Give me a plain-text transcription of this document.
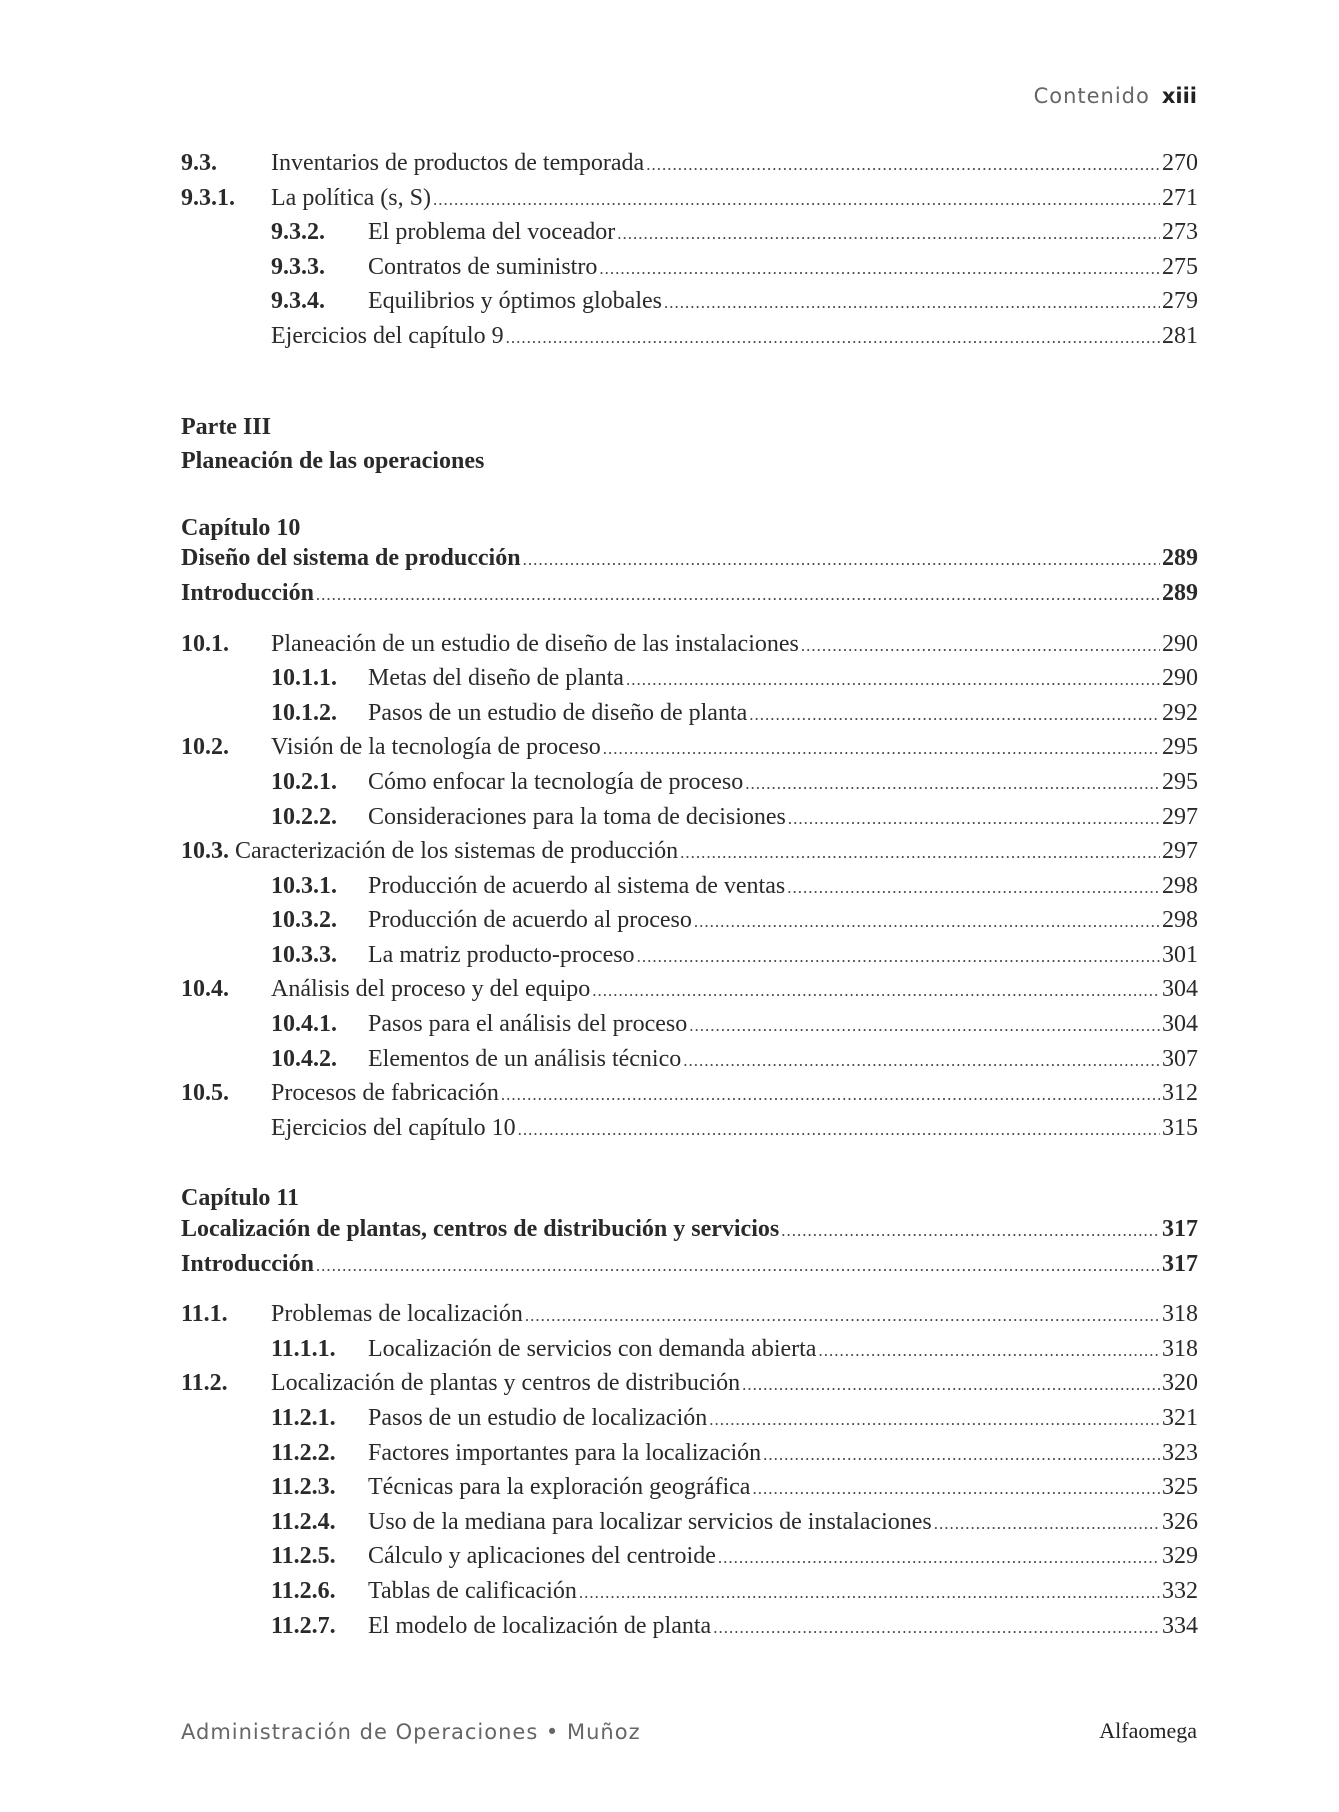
Contenido xiii
9.3.	Inventarios de productos de temporada .....	270
9.3.1.	La política (s, S) .....	271
9.3.2.	El problema del voceador .....	273
9.3.3.	Contratos de suministro .....	275
9.3.4.	Equilibrios y óptimos globales .....	279
Ejercicios del capítulo 9 .....	281
Parte III
Planeación de las operaciones
Capítulo 10
Diseño del sistema de producción .....	289
Introducción .....	289
10.1.	Planeación de un estudio de diseño de las instalaciones .....	290
10.1.1.	Metas del diseño de planta .....	290
10.1.2.	Pasos de un estudio de diseño de planta .....	292
10.2.	Visión de la tecnología de proceso .....	295
10.2.1.	Cómo enfocar la tecnología de proceso .....	295
10.2.2.	Consideraciones para la toma de decisiones .....	297
10.3. Caracterización de los sistemas de producción .....	297
10.3.1.	Producción de acuerdo al sistema de ventas .....	298
10.3.2.	Producción de acuerdo al proceso .....	298
10.3.3.	La matriz producto-proceso .....	301
10.4.	Análisis del proceso y del equipo .....	304
10.4.1.	Pasos para el análisis del proceso .....	304
10.4.2.	Elementos de un análisis técnico .....	307
10.5.	Procesos de fabricación .....	312
Ejercicios del capítulo 10 .....	315
Capítulo 11
Localización de plantas, centros de distribución y servicios .....	317
Introducción .....	317
11.1.	Problemas de localización .....	318
11.1.1.	Localización de servicios con demanda abierta .....	318
11.2.	Localización de plantas y centros de distribución .....	320
11.2.1.	Pasos de un estudio de localización .....	321
11.2.2.	Factores importantes para la localización .....	323
11.2.3.	Técnicas para la exploración geográfica .....	325
11.2.4.	Uso de la mediana para localizar servicios de instalaciones .....	326
11.2.5.	Cálculo y aplicaciones del centroide .....	329
11.2.6.	Tablas de calificación .....	332
11.2.7.	El modelo de localización de planta .....	334
Administración de Operaciones • Muñoz	Alfaomega
